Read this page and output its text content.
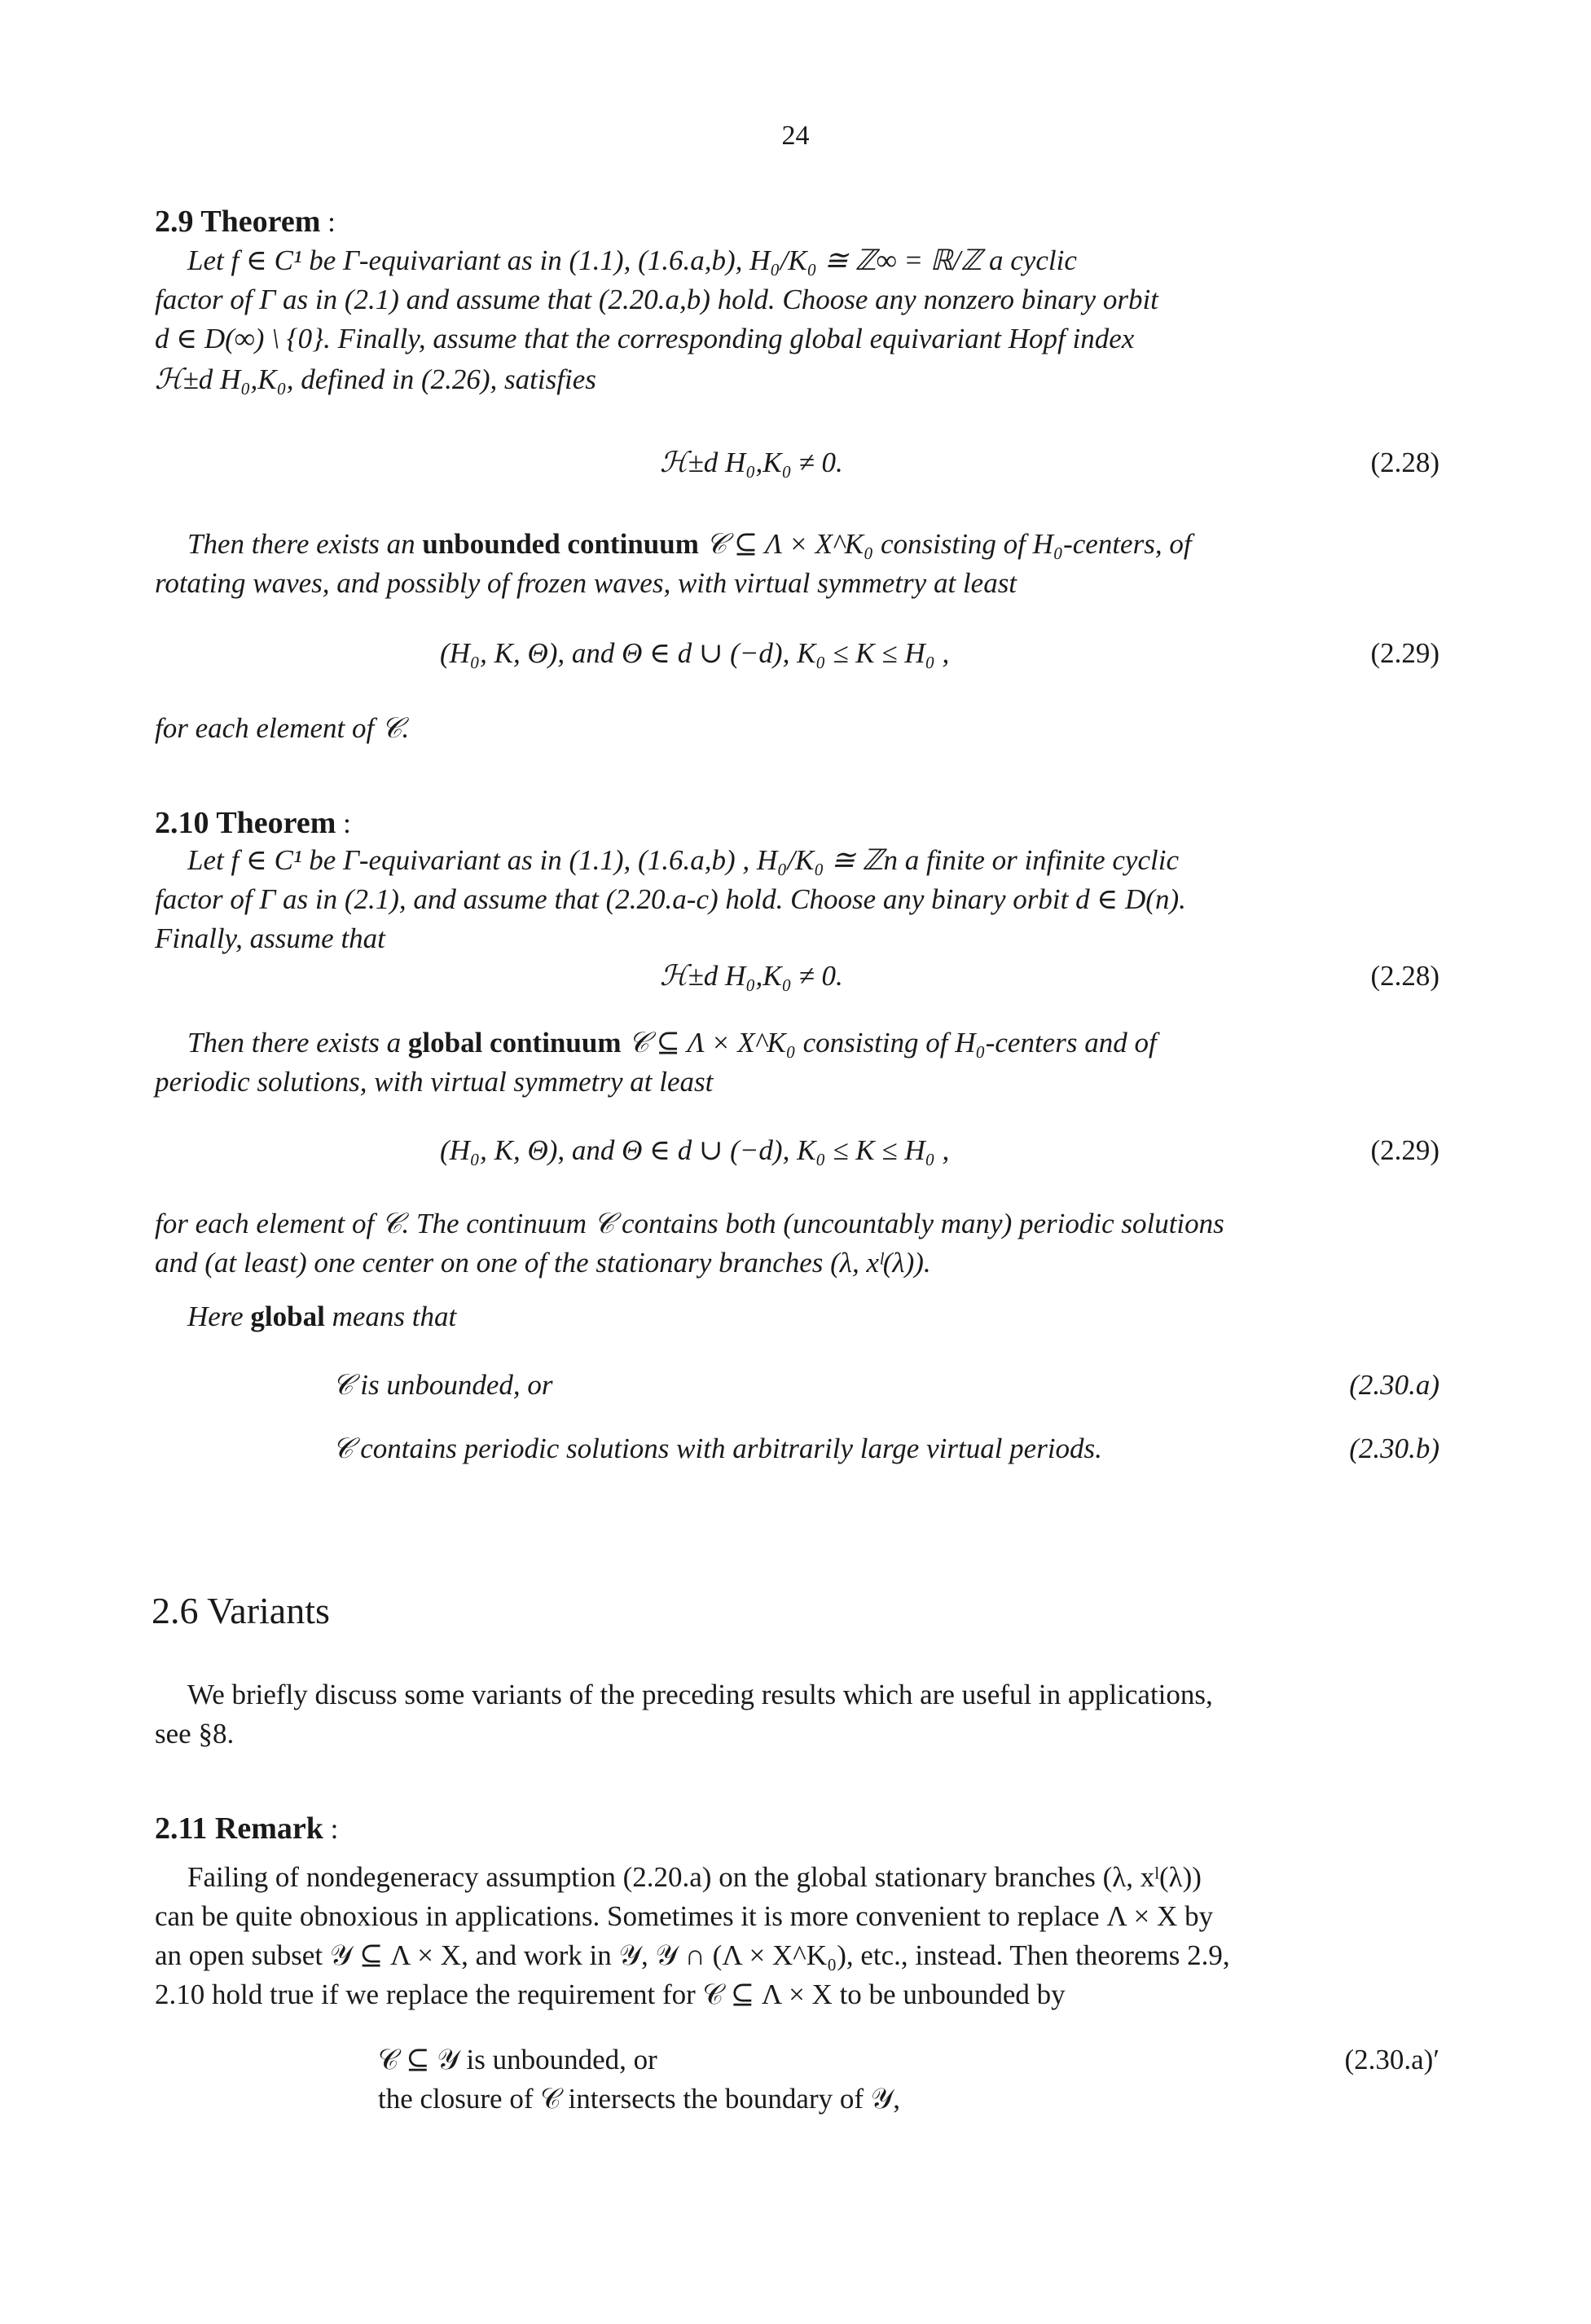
24
2.9 Theorem :
Let f ∈ C¹ be Γ-equivariant as in (1.1), (1.6.a,b), H₀/K₀ ≅ ℤ∞ = ℝ/ℤ a cyclic
factor of Γ as in (2.1) and assume that (2.20.a,b) hold. Choose any nonzero binary orbit
d ∈ D(∞) \ {0}. Finally, assume that the corresponding global equivariant Hopf index
ℋ±d H₀,K₀, defined in (2.26), satisfies
ℋ±d H₀,K₀ ≠ 0.	(2.28)
Then there exists an unbounded continuum 𝒞 ⊆ Λ × X^K₀ consisting of H₀-centers, of
rotating waves, and possibly of frozen waves, with virtual symmetry at least
(H₀, K, Θ), and Θ ∈ d ∪ (−d), K₀ ≤ K ≤ H₀ ,	(2.29)
for each element of 𝒞.
2.10 Theorem :
Let f ∈ C¹ be Γ-equivariant as in (1.1), (1.6.a,b) , H₀/K₀ ≅ ℤn a finite or infinite cyclic
factor of Γ as in (2.1), and assume that (2.20.a-c) hold. Choose any binary orbit d ∈ D(n).
Finally, assume that
ℋ±d H₀,K₀ ≠ 0.	(2.28)
Then there exists a global continuum 𝒞 ⊆ Λ × X^K₀ consisting of H₀-centers and of
periodic solutions, with virtual symmetry at least
(H₀, K, Θ), and Θ ∈ d ∪ (−d), K₀ ≤ K ≤ H₀ ,	(2.29)
for each element of 𝒞. The continuum 𝒞 contains both (uncountably many) periodic solutions
and (at least) one center on one of the stationary branches (λ, xˡ(λ)).
Here global means that
𝒞 is unbounded, or	(2.30.a)
𝒞 contains periodic solutions with arbitrarily large virtual periods.	(2.30.b)
2.6 Variants
We briefly discuss some variants of the preceding results which are useful in applications,
see §8.
2.11 Remark :
Failing of nondegeneracy assumption (2.20.a) on the global stationary branches (λ, xˡ(λ))
can be quite obnoxious in applications. Sometimes it is more convenient to replace Λ × X by
an open subset 𝒴 ⊆ Λ × X, and work in 𝒴, 𝒴 ∩ (Λ × X^K₀), etc., instead. Then theorems 2.9,
2.10 hold true if we replace the requirement for 𝒞 ⊆ Λ × X to be unbounded by
𝒞 ⊆ 𝒴 is unbounded, or	(2.30.a)′
the closure of 𝒞 intersects the boundary of 𝒴,
